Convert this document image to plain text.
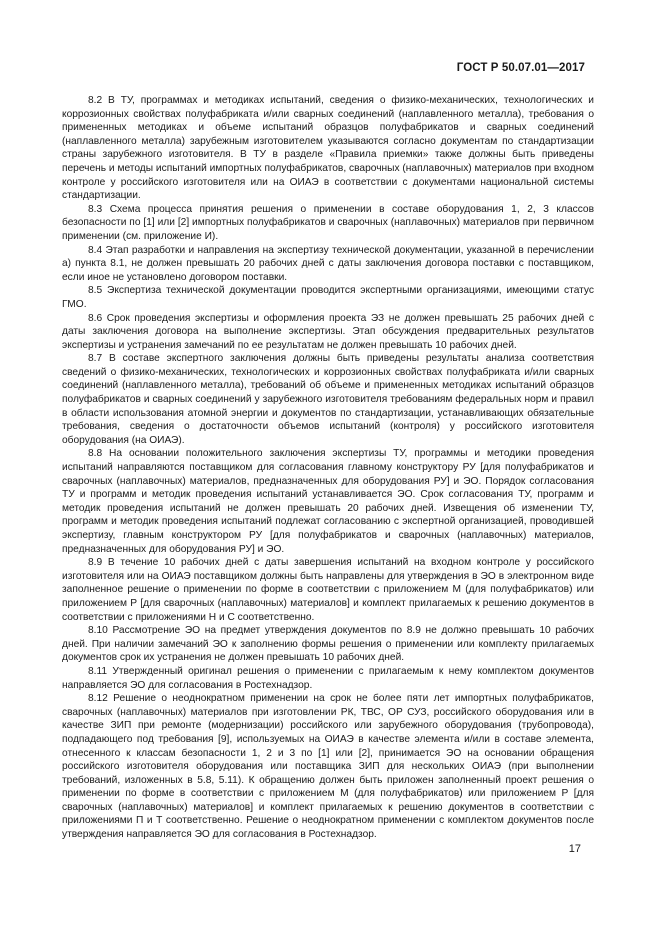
ГОСТ Р 50.07.01—2017

8.2 В ТУ, программах и методиках испытаний, сведения о физико-механических, технологических и коррозионных свойствах полуфабриката и/или сварных соединений (наплавленного металла), требования о примененных методиках и объеме испытаний образцов полуфабрикатов и сварных соединений (наплавленного металла) зарубежным изготовителем указываются согласно документам по стандартизации страны зарубежного изготовителя. В ТУ в разделе «Правила приемки» также должны быть приведены перечень и методы испытаний импортных полуфабрикатов, сварочных (наплавочных) материалов при входном контроле у российского изготовителя или на ОИАЭ в соответствии с документами национальной системы стандартизации.

8.3 Схема процесса принятия решения о применении в составе оборудования 1, 2, 3 классов безопасности по [1] или [2] импортных полуфабрикатов и сварочных (наплавочных) материалов при первичном применении (см. приложение И).

8.4 Этап разработки и направления на экспертизу технической документации, указанной в перечислении а) пункта 8.1, не должен превышать 20 рабочих дней с даты заключения договора поставки с поставщиком, если иное не установлено договором поставки.

8.5 Экспертиза технической документации проводится экспертными организациями, имеющими статус ГМО.

8.6 Срок проведения экспертизы и оформления проекта ЭЗ не должен превышать 25 рабочих дней с даты заключения договора на выполнение экспертизы. Этап обсуждения предварительных результатов экспертизы и устранения замечаний по ее результатам не должен превышать 10 рабочих дней.

8.7 В составе экспертного заключения должны быть приведены результаты анализа соответствия сведений о физико-механических, технологических и коррозионных свойствах полуфабриката и/или сварных соединений (наплавленного металла), требований об объеме и примененных методиках испытаний образцов полуфабрикатов и сварных соединений у зарубежного изготовителя требованиям федеральных норм и правил в области использования атомной энергии и документов по стандартизации, устанавливающих обязательные требования, сведения о достаточности объемов испытаний (контроля) у российского изготовителя оборудования (на ОИАЭ).

8.8 На основании положительного заключения экспертизы ТУ, программы и методики проведения испытаний направляются поставщиком для согласования главному конструктору РУ [для полуфабрикатов и сварочных (наплавочных) материалов, предназначенных для оборудования РУ] и ЭО. Порядок согласования ТУ и программ и методик проведения испытаний устанавливается ЭО. Срок согласования ТУ, программ и методик проведения испытаний не должен превышать 20 рабочих дней. Извещения об изменении ТУ, программ и методик проведения испытаний подлежат согласованию с экспертной организацией, проводившей экспертизу, главным конструктором РУ [для полуфабрикатов и сварочных (наплавочных) материалов, предназначенных для оборудования РУ] и ЭО.

8.9 В течение 10 рабочих дней с даты завершения испытаний на входном контроле у российского изготовителя или на ОИАЭ поставщиком должны быть направлены для утверждения в ЭО в электронном виде заполненное решение о применении по форме в соответствии с приложением М (для полуфабрикатов) или приложением Р [для сварочных (наплавочных) материалов] и комплект прилагаемых к решению документов в соответствии с приложениями Н и С соответственно.

8.10 Рассмотрение ЭО на предмет утверждения документов по 8.9 не должно превышать 10 рабочих дней. При наличии замечаний ЭО к заполнению формы решения о применении или комплекту прилагаемых документов срок их устранения не должен превышать 10 рабочих дней.

8.11 Утвержденный оригинал решения о применении с прилагаемым к нему комплектом документов направляется ЭО для согласования в Ростехнадзор.

8.12 Решение о неоднократном применении на срок не более пяти лет импортных полуфабрикатов, сварочных (наплавочных) материалов при изготовлении РК, ТВС, ОР СУЗ, российского оборудования или в качестве ЗИП при ремонте (модернизации) российского или зарубежного оборудования (трубопровода), подпадающего под требования [9], используемых на ОИАЭ в качестве элемента и/или в составе элемента, отнесенного к классам безопасности 1, 2 и 3 по [1] или [2], принимается ЭО на основании обращения российского изготовителя оборудования или поставщика ЗИП для нескольких ОИАЭ (при выполнении требований, изложенных в 5.8, 5.11). К обращению должен быть приложен заполненный проект решения о применении по форме в соответствии с приложением М (для полуфабрикатов) или приложением Р [для сварочных (наплавочных) материалов] и комплект прилагаемых к решению документов в соответствии с приложениями П и Т соответственно. Решение о неоднократном применении с комплектом документов после утверждения направляется ЭО для согласования в Ростехнадзор.

17
